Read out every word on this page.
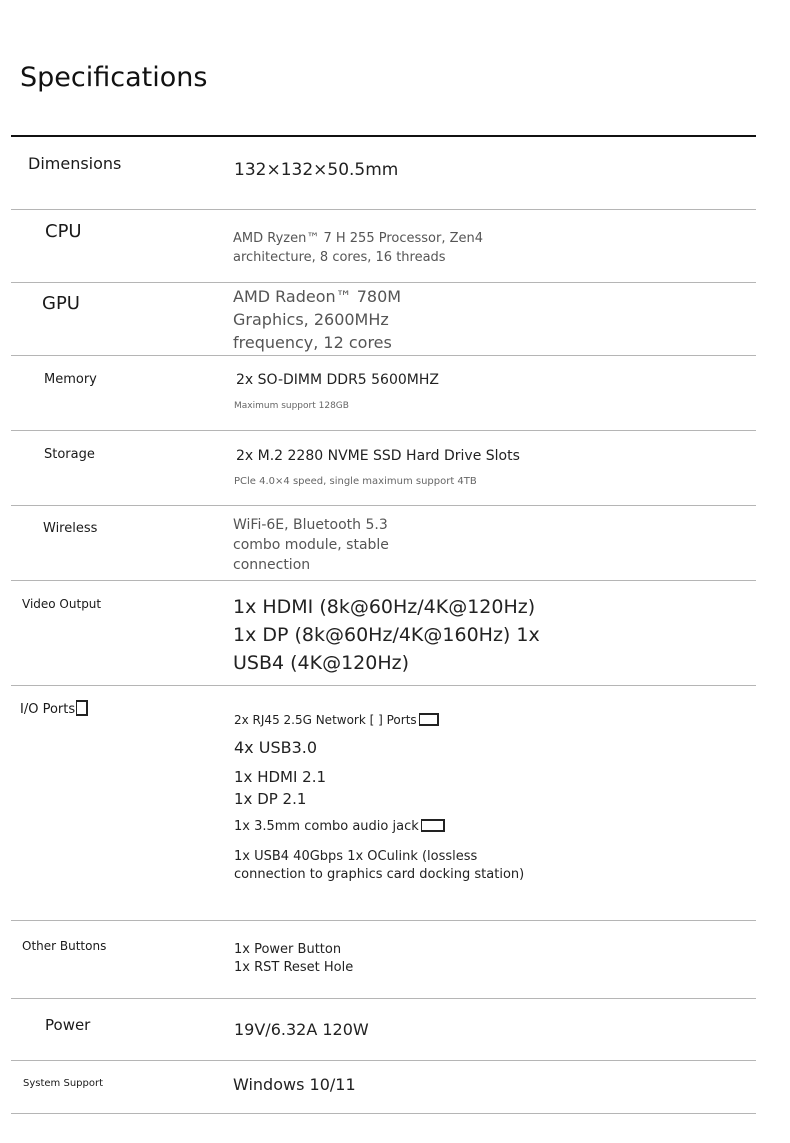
Specifications
Dimensions	132×132×50.5mm
CPU	AMD Ryzen™ 7 H 255 Processor, Zen4
architecture, 8 cores, 16 threads
GPU	AMD Radeon™ 780M
Graphics, 2600MHz
frequency, 12 cores
Memory	2x SO-DIMM DDR5 5600MHZ
Maximum support 128GB
Storage	2x M.2 2280 NVME SSD Hard Drive Slots
PCle 4.0×4 speed, single maximum support 4TB
Wireless	WiFi-6E, Bluetooth 5.3
combo module, stable
connection
Video Output	1x HDMI (8k@60Hz/4K@120Hz)
1x DP (8k@60Hz/4K@160Hz) 1x
USB4 (4K@120Hz)
I/O Ports
2x RJ45 2.5G Network [ ] Ports
4x USB3.0
1x HDMI 2.1
1x DP 2.1
1x 3.5mm combo audio jack
1x USB4 40Gbps 1x OCulink (lossless
connection to graphics card docking station)
Other Buttons	1x Power Button
1x RST Reset Hole
Power	19V/6.32A 120W
System Support	Windows 10/11
